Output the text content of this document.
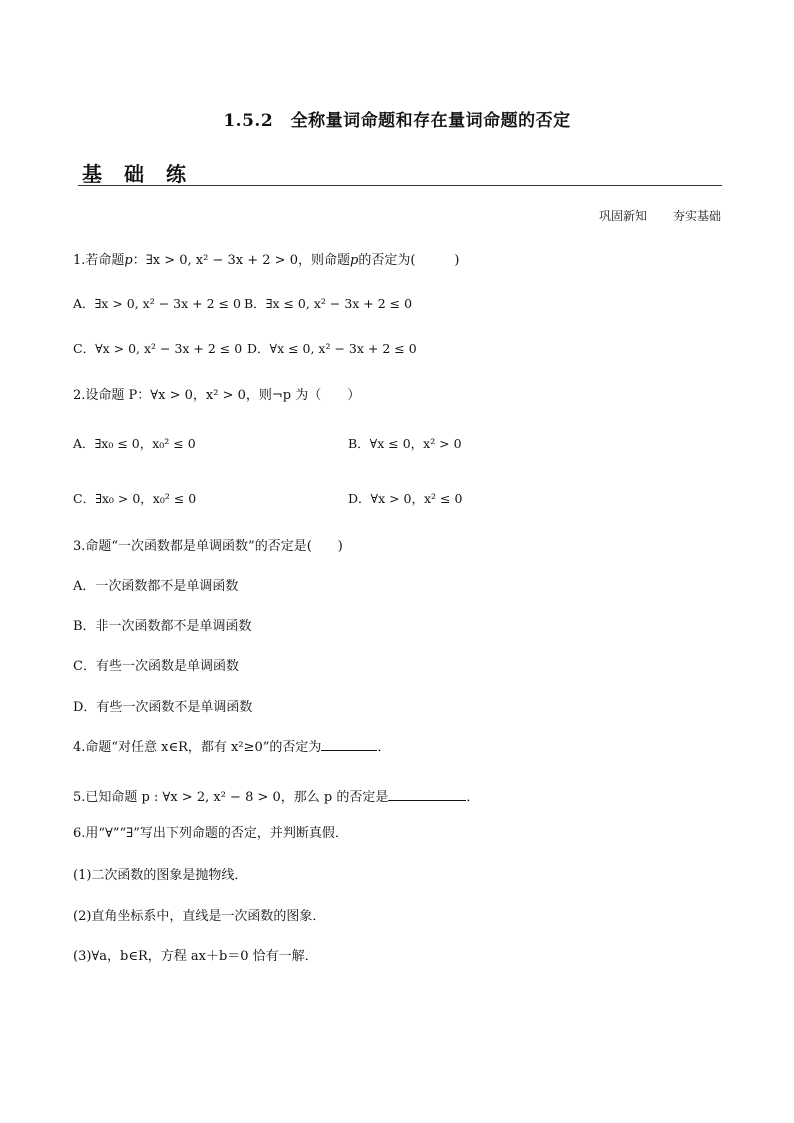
1.5.2　全称量词命题和存在量词命题的否定
基础练
巩固新知 夯实基础
1.若命题p：∃x > 0, x² − 3x + 2 > 0，则命题p的否定为(　　　)
A．∃x > 0, x² − 3x + 2 ≤ 0 B．∃x ≤ 0, x² − 3x + 2 ≤ 0
C．∀x > 0, x² − 3x + 2 ≤ 0 D．∀x ≤ 0, x² − 3x + 2 ≤ 0
2.设命题 P：∀x > 0，x² > 0，则¬p 为（　　）
A．∃x₀ ≤ 0，x₀² ≤ 0	B．∀x ≤ 0，x² > 0
C．∃x₀ > 0，x₀² ≤ 0	D．∀x > 0，x² ≤ 0
3.命题“一次函数都是单调函数”的否定是(　　)
A．一次函数都不是单调函数
B．非一次函数都不是单调函数
C．有些一次函数是单调函数
D．有些一次函数不是单调函数
4.命题“对任意 x∈R，都有 x²≥0”的否定为	．
5.已知命题 p : ∀x > 2, x² − 8 > 0，那么 p 的否定是	．
6.用“∀”“∃”写出下列命题的否定，并判断真假．
(1)二次函数的图象是抛物线．
(2)直角坐标系中，直线是一次函数的图象．
(3)∀a，b∈R，方程 ax＋b＝0 恰有一解．
